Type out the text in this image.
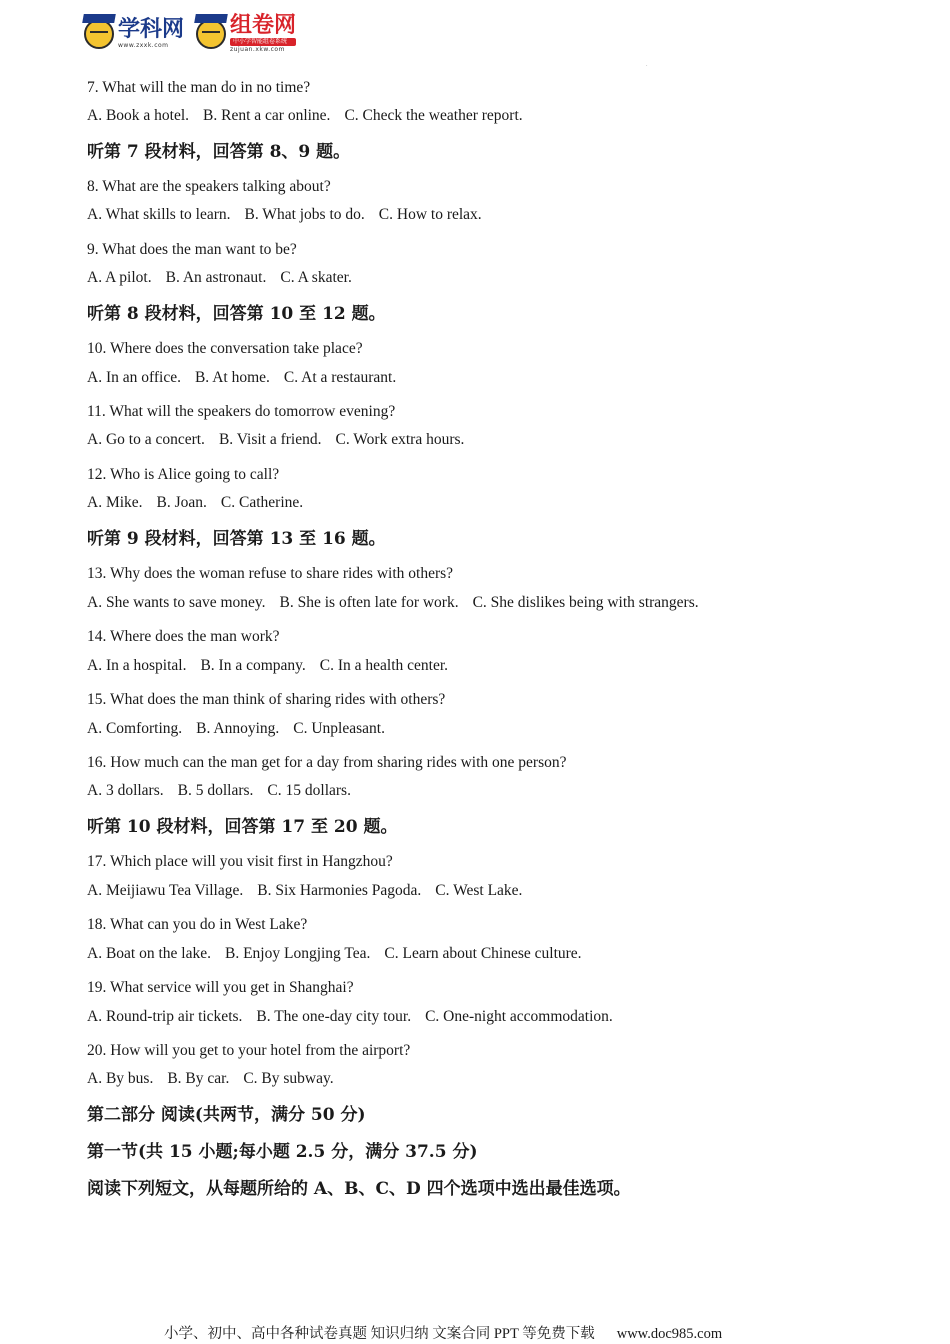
学科网
www.zxxk.com
组卷网
中小学智能组卷系统
zujuan.xkw.com
.

7. What will the man do in no time?

A. Book a hotel. B. Rent a car online. C. Check the weather report.

听第 7 段材料，回答第 8、9 题。

8. What are the speakers talking about?

A. What skills to learn. B. What jobs to do. C. How to relax.

9. What does the man want to be?

A. A pilot. B. An astronaut. C. A skater.

听第 8 段材料，回答第 10 至 12 题。

10. Where does the conversation take place?

A. In an office. B. At home. C. At a restaurant.

11. What will the speakers do tomorrow evening?

A. Go to a concert. B. Visit a friend. C. Work extra hours.

12. Who is Alice going to call?

A. Mike. B. Joan. C. Catherine.

听第 9 段材料，回答第 13 至 16 题。

13. Why does the woman refuse to share rides with others?

A. She wants to save money. B. She is often late for work. C. She dislikes being with strangers.

14. Where does the man work?

A. In a hospital. B. In a company. C. In a health center.

15. What does the man think of sharing rides with others?

A. Comforting. B. Annoying. C. Unpleasant.

16. How much can the man get for a day from sharing rides with one person?

A. 3 dollars. B. 5 dollars. C. 15 dollars.

听第 10 段材料，回答第 17 至 20 题。

17. Which place will you visit first in Hangzhou?

A. Meijiawu Tea Village. B. Six Harmonies Pagoda. C. West Lake.

18. What can you do in West Lake?

A. Boat on the lake. B. Enjoy Longjing Tea. C. Learn about Chinese culture.

19. What service will you get in Shanghai?

A. Round-trip air tickets. B. The one-day city tour. C. One-night accommodation.

20. How will you get to your hotel from the airport?

A. By bus. B. By car. C. By subway.

第二部分 阅读(共两节，满分 50 分)

第一节(共 15 小题;每小题 2.5 分，满分 37.5 分)

阅读下列短文，从每题所给的 A、B、C、D 四个选项中选出最佳选项。

小学、初中、高中各种试卷真题 知识归纳 文案合同 PPT 等免费下载 www.doc985.com
